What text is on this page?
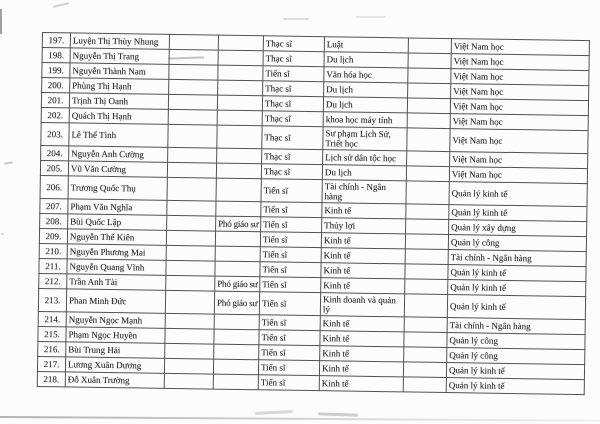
197.	Luyện Thị Thùy Nhung			Thạc sĩ	Luật		Việt Nam học
198.	Nguyễn Thị Trang			Thạc sĩ	Du lịch		Việt Nam học
199.	Nguyễn Thành Nam			Tiến sĩ	Văn hóa học		Việt Nam học
200.	Phùng Thị Hạnh			Thạc sĩ	Du lịch		Việt Nam học
201.	Trịnh Thị Oanh			Thạc sĩ	Du lịch		Việt Nam học
202.	Quách Thị Hạnh			Thạc sĩ	khoa học máy tính		Việt Nam học
203.	Lê Thế Tình			Thạc sĩ	Sư phạm Lịch Sử, Triết học		Việt Nam học
204.	Nguyễn Anh Cường			Thạc sĩ	Lịch sử dân tộc học		Việt Nam học
205.	Vũ Văn Cường			Thạc sĩ	Du lịch		Việt Nam học
206.	Trương Quốc Thụ			Tiến sĩ	Tài chính - Ngân hàng		Quản lý kinh tế
207.	Phạm Văn Nghĩa			Tiến sĩ	Kinh tế		Quản lý kinh tế
208.	Bùi Quốc Lập		Phó giáo sư	Tiến sĩ	Thủy lợi		Quản lý xây dựng
209.	Nguyễn Thế Kiên			Tiến sĩ	Kinh tế		Quản lý công
210.	Nguyễn Phương Mai			Tiến sĩ	Kinh tế		Tài chính - Ngân hàng
211.	Nguyễn Quang Vĩnh			Tiến sĩ	Kinh tế		Quản lý kinh tế
212.	Trần Anh Tài		Phó giáo sư	Tiến sĩ	Kinh tế		Quản lý kinh tế
213.	Phan Minh Đức		Phó giáo sư	Tiến sĩ	Kinh doanh và quản lý		Quản lý kinh tế
214.	Nguyễn Ngọc Mạnh			Tiến sĩ	Kinh tế		Tài chính - Ngân hàng
215.	Phạm Ngọc Huyền			Tiến sĩ	Kinh tế		Quản lý công
216.	Bùi Trung Hải			Tiến sĩ	Kinh tế		Quản lý công
217.	Lương Xuân Dương			Tiến sĩ	Kinh tế		Quản lý kinh tế
218.	Đỗ Xuân Trường			Tiến sĩ	Kinh tế		Quản lý kinh tế
